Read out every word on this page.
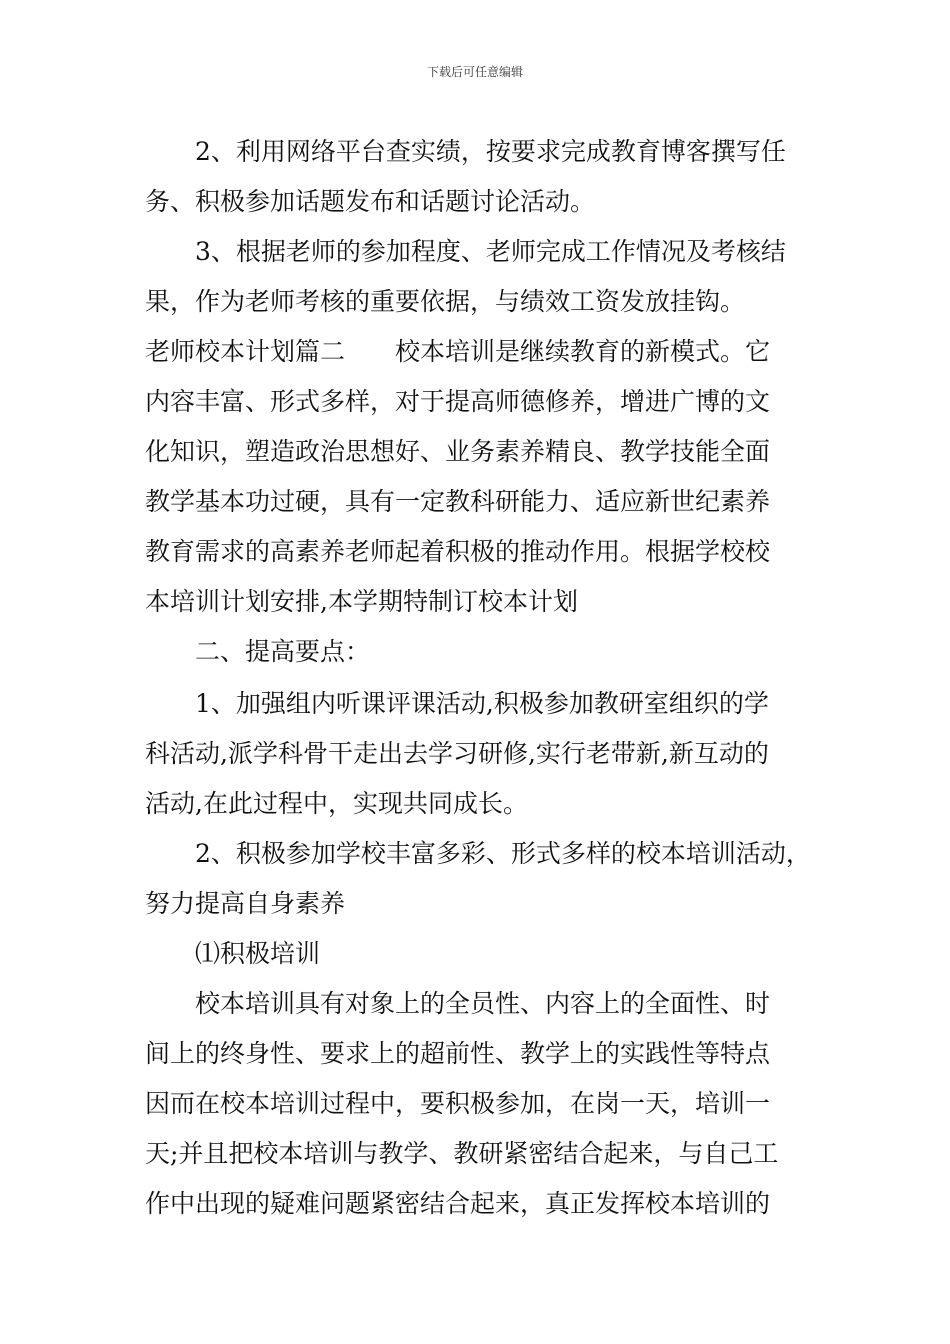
下载后可任意编辑
2、利用网络平台查实绩，按要求完成教育博客撰写任
务、积极参加话题发布和话题讨论活动。
3、根据老师的参加程度、老师完成工作情况及考核结
果，作为老师考核的重要依据，与绩效工资发放挂钩。
老师校本计划篇二　　校本培训是继续教育的新模式。它
内容丰富、形式多样，对于提高师德修养，增进广博的文
化知识，塑造政治思想好、业务素养精良、教学技能全面
教学基本功过硬，具有一定教科研能力、适应新世纪素养
教育需求的高素养老师起着积极的推动作用。根据学校校
本培训计划安排,本学期特制订校本计划
二、提高要点：
1、加强组内听课评课活动,积极参加教研室组织的学
科活动,派学科骨干走出去学习研修,实行老带新,新互动的
活动,在此过程中，实现共同成长。
2、积极参加学校丰富多彩、形式多样的校本培训活动，
努力提高自身素养
⑴积极培训
校本培训具有对象上的全员性、内容上的全面性、时
间上的终身性、要求上的超前性、教学上的实践性等特点
因而在校本培训过程中，要积极参加，在岗一天，培训一
天;并且把校本培训与教学、教研紧密结合起来，与自己工
作中出现的疑难问题紧密结合起来，真正发挥校本培训的
